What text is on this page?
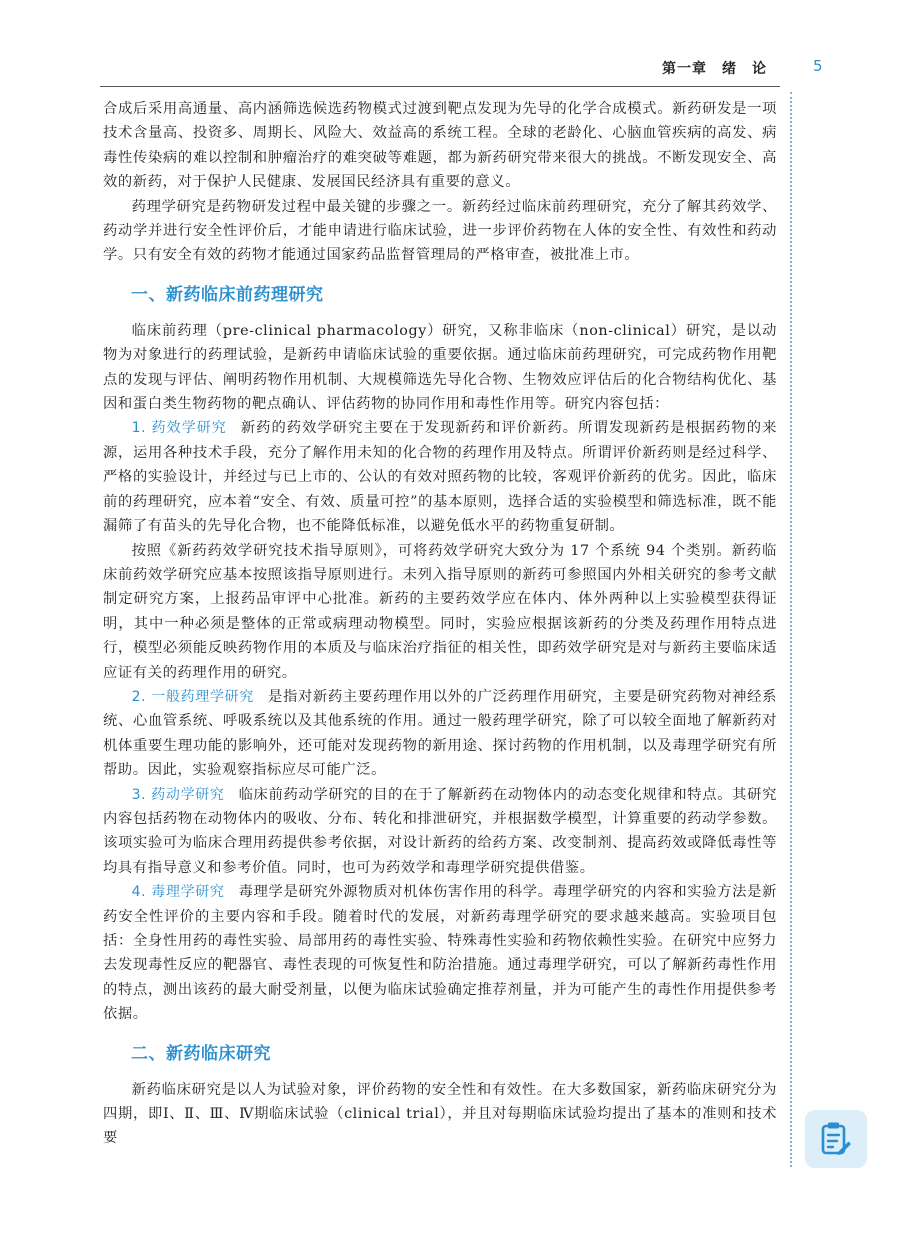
第一章　绪　论	5

合成后采用高通量、高内涵筛选候选药物模式过渡到靶点发现为先导的化学合成模式。新药研发是一项技术含量高、投资多、周期长、风险大、效益高的系统工程。全球的老龄化、心脑血管疾病的高发、病毒性传染病的难以控制和肿瘤治疗的难突破等难题，都为新药研究带来很大的挑战。不断发现安全、高效的新药，对于保护人民健康、发展国民经济具有重要的意义。

药理学研究是药物研发过程中最关键的步骤之一。新药经过临床前药理研究，充分了解其药效学、药动学并进行安全性评价后，才能申请进行临床试验，进一步评价药物在人体的安全性、有效性和药动学。只有安全有效的药物才能通过国家药品监督管理局的严格审查，被批准上市。

一、新药临床前药理研究

临床前药理（pre-clinical pharmacology）研究，又称非临床（non-clinical）研究，是以动物为对象进行的药理试验，是新药申请临床试验的重要依据。通过临床前药理研究，可完成药物作用靶点的发现与评估、阐明药物作用机制、大规模筛选先导化合物、生物效应评估后的化合物结构优化、基因和蛋白类生物药物的靶点确认、评估药物的协同作用和毒性作用等。研究内容包括：

1. 药效学研究 新药的药效学研究主要在于发现新药和评价新药。所谓发现新药是根据药物的来源，运用各种技术手段，充分了解作用未知的化合物的药理作用及特点。所谓评价新药则是经过科学、严格的实验设计，并经过与已上市的、公认的有效对照药物的比较，客观评价新药的优劣。因此，临床前的药理研究，应本着“安全、有效、质量可控”的基本原则，选择合适的实验模型和筛选标准，既不能漏筛了有苗头的先导化合物，也不能降低标准，以避免低水平的药物重复研制。

按照《新药药效学研究技术指导原则》，可将药效学研究大致分为 17 个系统 94 个类别。新药临床前药效学研究应基本按照该指导原则进行。未列入指导原则的新药可参照国内外相关研究的参考文献制定研究方案，上报药品审评中心批准。新药的主要药效学应在体内、体外两种以上实验模型获得证明，其中一种必须是整体的正常或病理动物模型。同时，实验应根据该新药的分类及药理作用特点进行，模型必须能反映药物作用的本质及与临床治疗指征的相关性，即药效学研究是对与新药主要临床适应证有关的药理作用的研究。

2. 一般药理学研究 是指对新药主要药理作用以外的广泛药理作用研究，主要是研究药物对神经系统、心血管系统、呼吸系统以及其他系统的作用。通过一般药理学研究，除了可以较全面地了解新药对机体重要生理功能的影响外，还可能对发现药物的新用途、探讨药物的作用机制，以及毒理学研究有所帮助。因此，实验观察指标应尽可能广泛。

3. 药动学研究 临床前药动学研究的目的在于了解新药在动物体内的动态变化规律和特点。其研究内容包括药物在动物体内的吸收、分布、转化和排泄研究，并根据数学模型，计算重要的药动学参数。该项实验可为临床合理用药提供参考依据，对设计新药的给药方案、改变制剂、提高药效或降低毒性等均具有指导意义和参考价值。同时，也可为药效学和毒理学研究提供借鉴。

4. 毒理学研究 毒理学是研究外源物质对机体伤害作用的科学。毒理学研究的内容和实验方法是新药安全性评价的主要内容和手段。随着时代的发展，对新药毒理学研究的要求越来越高。实验项目包括：全身性用药的毒性实验、局部用药的毒性实验、特殊毒性实验和药物依赖性实验。在研究中应努力去发现毒性反应的靶器官、毒性表现的可恢复性和防治措施。通过毒理学研究，可以了解新药毒性作用的特点，测出该药的最大耐受剂量，以便为临床试验确定推荐剂量，并为可能产生的毒性作用提供参考依据。

二、新药临床研究

新药临床研究是以人为试验对象，评价药物的安全性和有效性。在大多数国家，新药临床研究分为四期，即Ⅰ、Ⅱ、Ⅲ、Ⅳ期临床试验（clinical trial），并且对每期临床试验均提出了基本的准则和技术要
